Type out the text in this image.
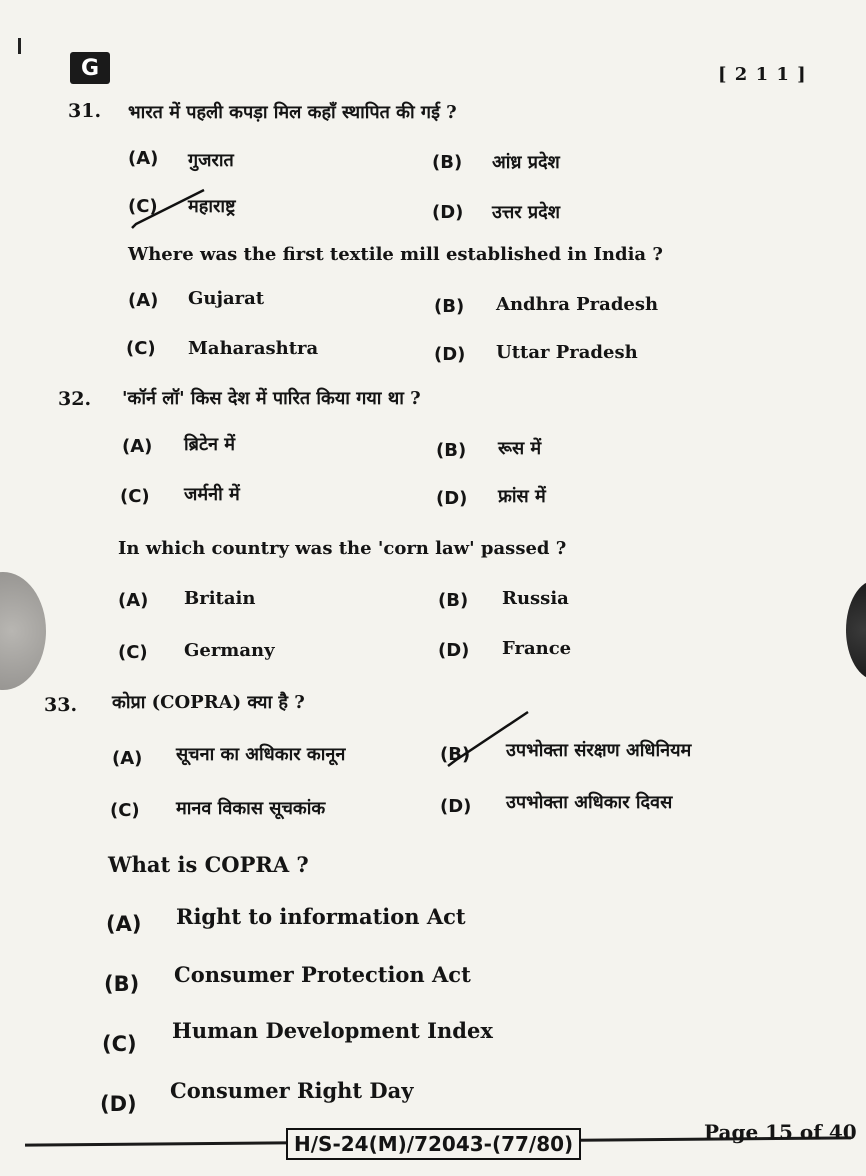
G	[ 2 1 1 ]
31. भारत में पहली कपड़ा मिल कहाँ स्थापित की गई ?
(A) गुजरात	(B) आंध्र प्रदेश
(C) महाराष्ट्र	(D) उत्तर प्रदेश
Where was the first textile mill established in India ?
(A) Gujarat	(B) Andhra Pradesh
(C) Maharashtra	(D) Uttar Pradesh
32. 'कॉर्न लॉ' किस देश में पारित किया गया था ?
(A) ब्रिटेन में	(B) रूस में
(C) जर्मनी में	(D) फ्रांस में
In which country was the 'corn law' passed ?
(A) Britain	(B) Russia
(C) Germany	(D) France
33. कोप्रा (COPRA) क्या है ?
(A) सूचना का अधिकार कानून	(B) उपभोक्ता संरक्षण अधिनियम
(C) मानव विकास सूचकांक	(D) उपभोक्ता अधिकार दिवस
What is COPRA ?
(A) Right to information Act
(B) Consumer Protection Act
(C)
Human Development Index
(D)
Consumer Right Day
H/S-24(M)/72043-(77/80)	Page 15 of 40
